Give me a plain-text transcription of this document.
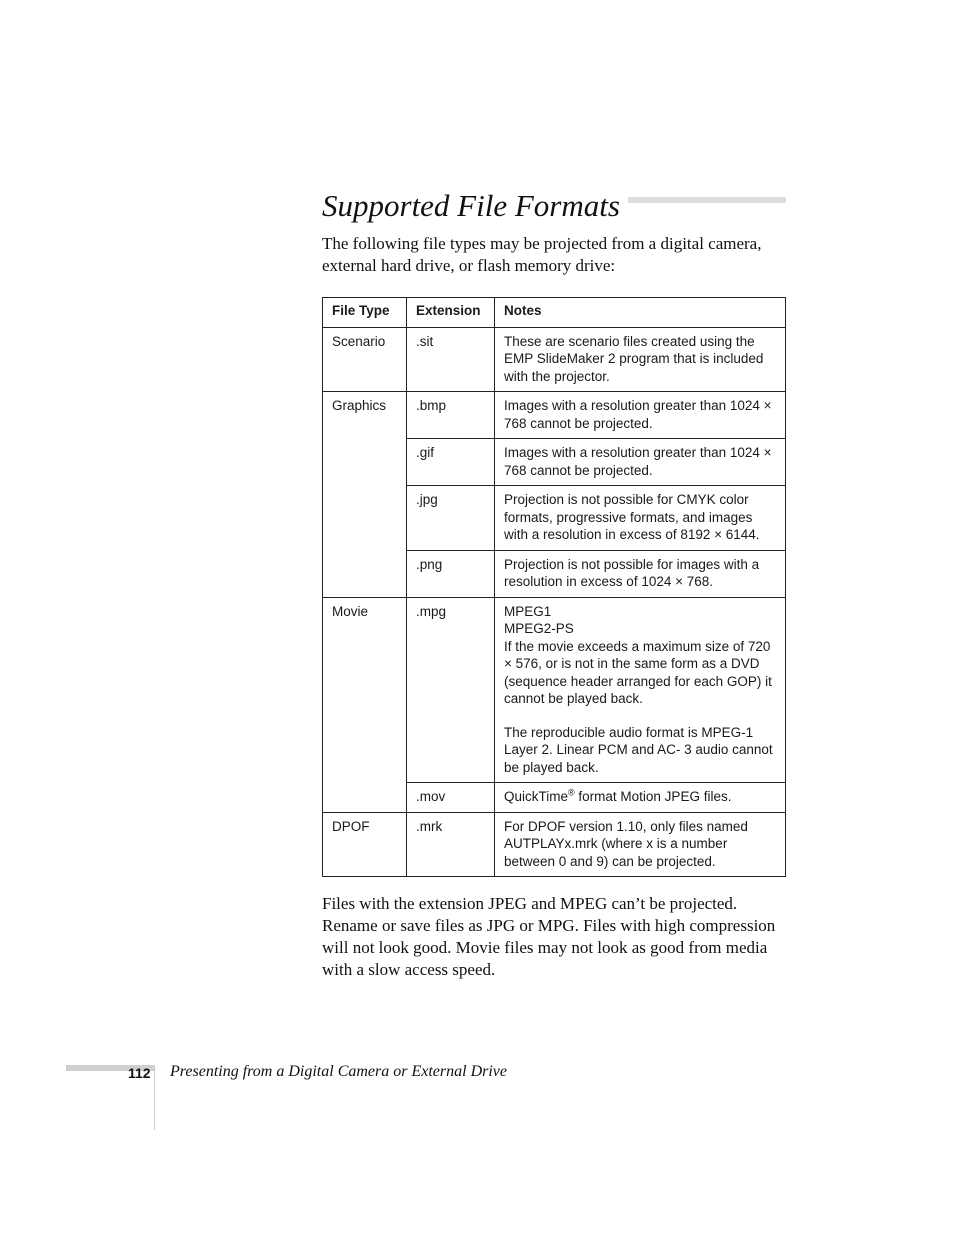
Supported File Formats

The following file types may be projected from a digital camera, external hard drive, or flash memory drive:

File Type	Extension	Notes
Scenario	.sit	These are scenario files created using the EMP SlideMaker 2 program that is included with the projector.
Graphics	.bmp	Images with a resolution greater than 1024 × 768 cannot be projected.
	.gif	Images with a resolution greater than 1024 × 768 cannot be projected.
	.jpg	Projection is not possible for CMYK color formats, progressive formats, and images with a resolution in excess of 8192 × 6144.
	.png	Projection is not possible for images with a resolution in excess of 1024 × 768.
Movie	.mpg	MPEG1
MPEG2-PS
If the movie exceeds a maximum size of 720 × 576, or is not in the same form as a DVD (sequence header arranged for each GOP) it cannot be played back.
The reproducible audio format is MPEG-1 Layer 2. Linear PCM and AC- 3 audio cannot be played back.

	.mov	QuickTime® format Motion JPEG files.
DPOF	.mrk	For DPOF version 1.10, only files named AUTPLAYx.mrk (where x is a number between 0 and 9) can be projected.

Files with the extension JPEG and MPEG can’t be projected. Rename or save files as JPG or MPG. Files with high compression will not look good. Movie files may not look as good from media with a slow access speed.

112 Presenting from a Digital Camera or External Drive
